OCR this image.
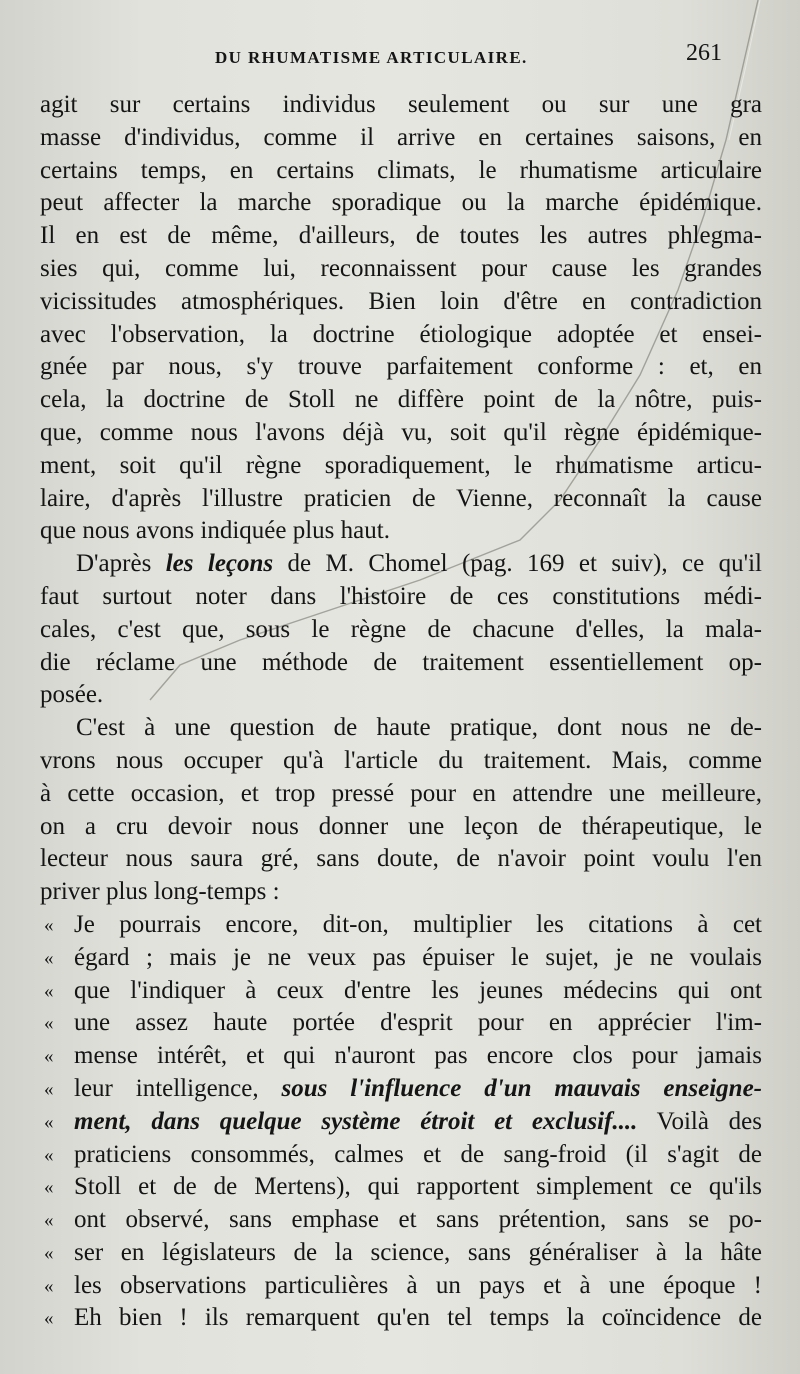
DU RHUMATISME ARTICULAIRE.	261
agit sur certains individus seulement ou sur une gra
masse d'individus, comme il arrive en certaines saisons, en
certains temps, en certains climats, le rhumatisme articulaire
peut affecter la marche sporadique ou la marche épidémique.
Il en est de même, d'ailleurs, de toutes les autres phlegma-
sies qui, comme lui, reconnaissent pour cause les grandes
vicissitudes atmosphériques. Bien loin d'être en contradiction
avec l'observation, la doctrine étiologique adoptée et ensei-
gnée par nous, s'y trouve parfaitement conforme : et, en
cela, la doctrine de Stoll ne diffère point de la nôtre, puis-
que, comme nous l'avons déjà vu, soit qu'il règne épidémique-
ment, soit qu'il règne sporadiquement, le rhumatisme articu-
laire, d'après l'illustre praticien de Vienne, reconnaît la cause
que nous avons indiquée plus haut.
D'après les leçons de M. Chomel (pag. 169 et suiv), ce qu'il
faut surtout noter dans l'histoire de ces constitutions médi-
cales, c'est que, sous le règne de chacune d'elles, la mala-
die réclame une méthode de traitement essentiellement op-
posée.
C'est à une question de haute pratique, dont nous ne de-
vrons nous occuper qu'à l'article du traitement. Mais, comme
à cette occasion, et trop pressé pour en attendre une meilleure,
on a cru devoir nous donner une leçon de thérapeutique, le
lecteur nous saura gré, sans doute, de n'avoir point voulu l'en
priver plus long-temps :
« Je pourrais encore, dit-on, multiplier les citations à cet
« égard ; mais je ne veux pas épuiser le sujet, je ne voulais
« que l'indiquer à ceux d'entre les jeunes médecins qui ont
« une assez haute portée d'esprit pour en apprécier l'im-
« mense intérêt, et qui n'auront pas encore clos pour jamais
« leur intelligence, sous l'influence d'un mauvais enseigne-
« ment, dans quelque système étroit et exclusif.... Voilà des
« praticiens consommés, calmes et de sang-froid (il s'agit de
« Stoll et de de Mertens), qui rapportent simplement ce qu'ils
« ont observé, sans emphase et sans prétention, sans se po-
« ser en législateurs de la science, sans généraliser à la hâte
« les observations particulières à un pays et à une époque !
« Eh bien ! ils remarquent qu'en tel temps la coïncidence de
